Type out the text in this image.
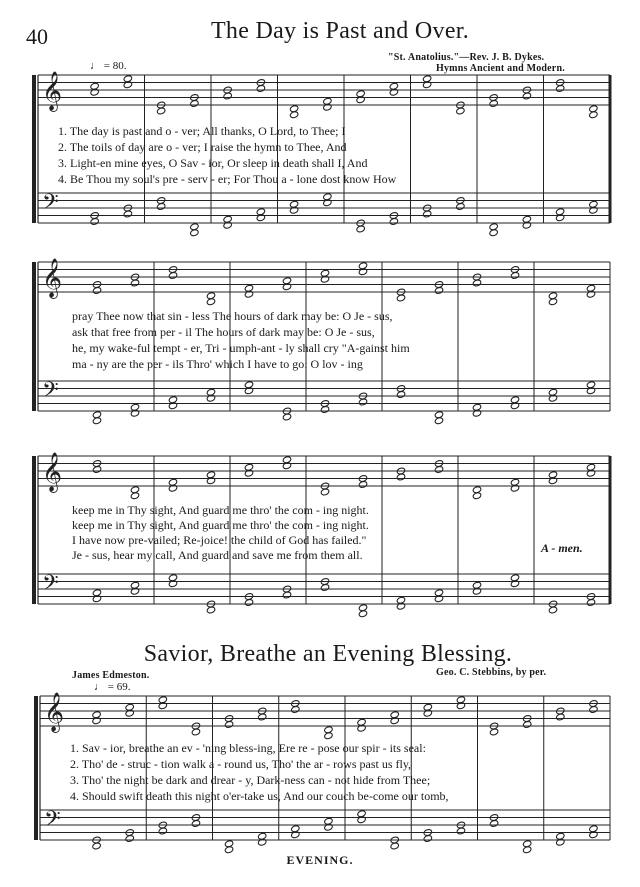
40	The Day is Past and Over.
"St. Anatolius."—Rev. J. B. Dykes.
Hymns Ancient and Modern.
♩ = 80.
𝄞
𝄢
𝄞
𝄢
𝄞
𝄢
𝄞
𝄢
1. The day is past and o - ver; All thanks, O Lord, to Thee; I
2. The toils of day are o - ver; I raise the hymn to Thee, And
3. Light-en mine eyes, O Sav - ior, Or sleep in death shall I, And
4. Be Thou my soul's pre - serv - er; For Thou a - lone dost know How
pray Thee now that sin - less The hours of dark may be: O Je - sus,
ask that free from per - il The hours of dark may be: O Je - sus,
he, my wake-ful tempt - er, Tri - umph-ant - ly shall cry "A-gainst him
ma - ny are the per - ils Thro' which I have to go: O lov - ing
keep me in Thy sight, And guard me thro' the com - ing night.
keep me in Thy sight, And guard me thro' the com - ing night.
I have now pre-vailed; Re-joice! the child of God has failed."
Je - sus, hear my call, And guard and save me from them all.	A - men.
Savior, Breathe an Evening Blessing.
James Edmeston.	Geo. C. Stebbins, by per.
♩ = 69.
1. Sav - ior, breathe an ev - 'ning bless-ing, Ere re - pose our spir - its seal:
2. Tho' de - struc - tion walk a - round us, Tho' the ar - rows past us fly,
3. Tho' the night be dark and drear - y, Dark-ness can - not hide from Thee;
4. Should swift death this night o'er-take us, And our couch be-come our tomb,
EVENING.
